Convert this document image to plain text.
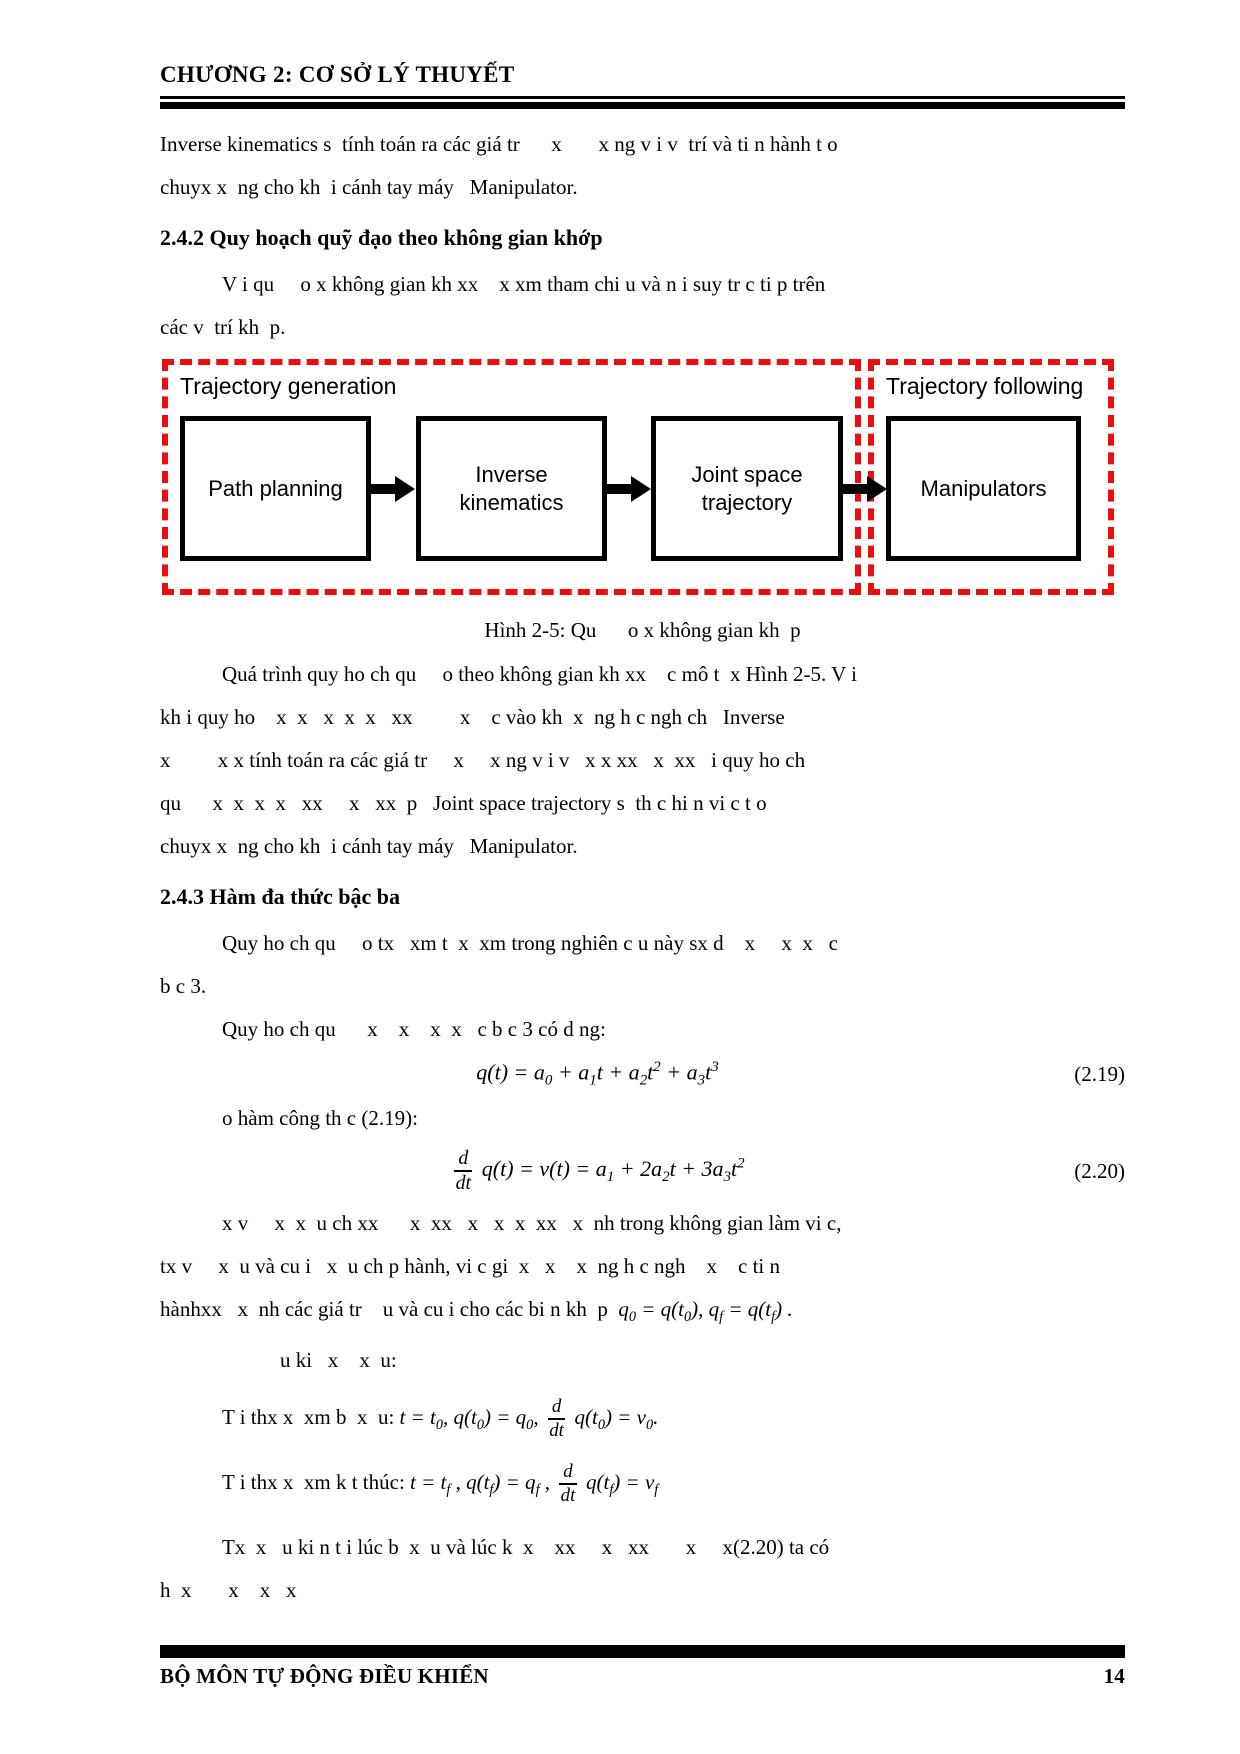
CHƯƠNG 2: CƠ SỞ LÝ THUYẾT
Inverse kinematics s  tính toán ra các giá tr      x       x ng v i v  trí và ti n hành t o
chuyx x  ng cho kh  i cánh tay máy   Manipulator.
2.4.2 Quy hoạch quỹ đạo theo không gian khớp
V i qu     o x không gian kh xx    x xm tham chi u và n i suy tr c ti p trên
các v  trí kh  p.
Trajectory generation	Trajectory following
Path planning
Inverse kinematics
Joint space trajectory
Manipulators
Hình 2-5: Qu      o x không gian kh  p
Quá trình quy ho ch qu     o theo không gian kh xx    c mô t  x Hình 2-5. V i
kh i quy ho    x  x   x  x  x   xx         x    c vào kh  x  ng h c ngh ch   Inverse
x         x x tính toán ra các giá tr     x     x ng v i v   x x xx   x  xx   i quy ho ch
qu      x  x  x  x   xx     x   xx  p   Joint space trajectory s  th c hi n vi c t o
chuyx x  ng cho kh  i cánh tay máy   Manipulator.
2.4.3 Hàm đa thức bậc ba
Quy ho ch qu     o tx   xm t  x  xm trong nghiên c u này sx d    x     x  x   c
b c 3.
Quy ho ch qu      x    x    x  x   c b c 3 có d ng:
$q(t) = a_0 + a_1t + a_2t^2 + a_3t^3$	(2.19)
o hàm công th c (2.19):
$\frac{d}{dt} q(t) = v(t) = a_1 + 2a_2t + 3a_3t^2$	(2.20)
x v     x  x  u ch xx      x  xx   x   x  x  xx   x  nh trong không gian làm vi c,
tx v     x  u và cu i   x  u ch p hành, vi c gi  x   x    x  ng h c ngh    x    c ti n
hànhxx   x  nh các giá tr    u và cu i cho các bi n kh  p  $q_0 = q(t_0)$, $q_f = q(t_f)$ .
u ki   x    x  u:
T i thx x  xm b  x  u: $t = t_0$, $q(t_0) = q_0$, $\frac{d}{dt} q(t_0) = v_0$.
T i thx x  xm k t thúc: $t = t_f$ , $q(t_f) = q_f$ , $\frac{d}{dt} q(t_f) = v_f$
Tx  x   u ki n t i lúc b  x  u và lúc k  x    xx     x   xx       x     x(2.20) ta có
h  x       x    x   x
BỘ MÔN TỰ ĐỘNG ĐIỀU KHIỂN	14
